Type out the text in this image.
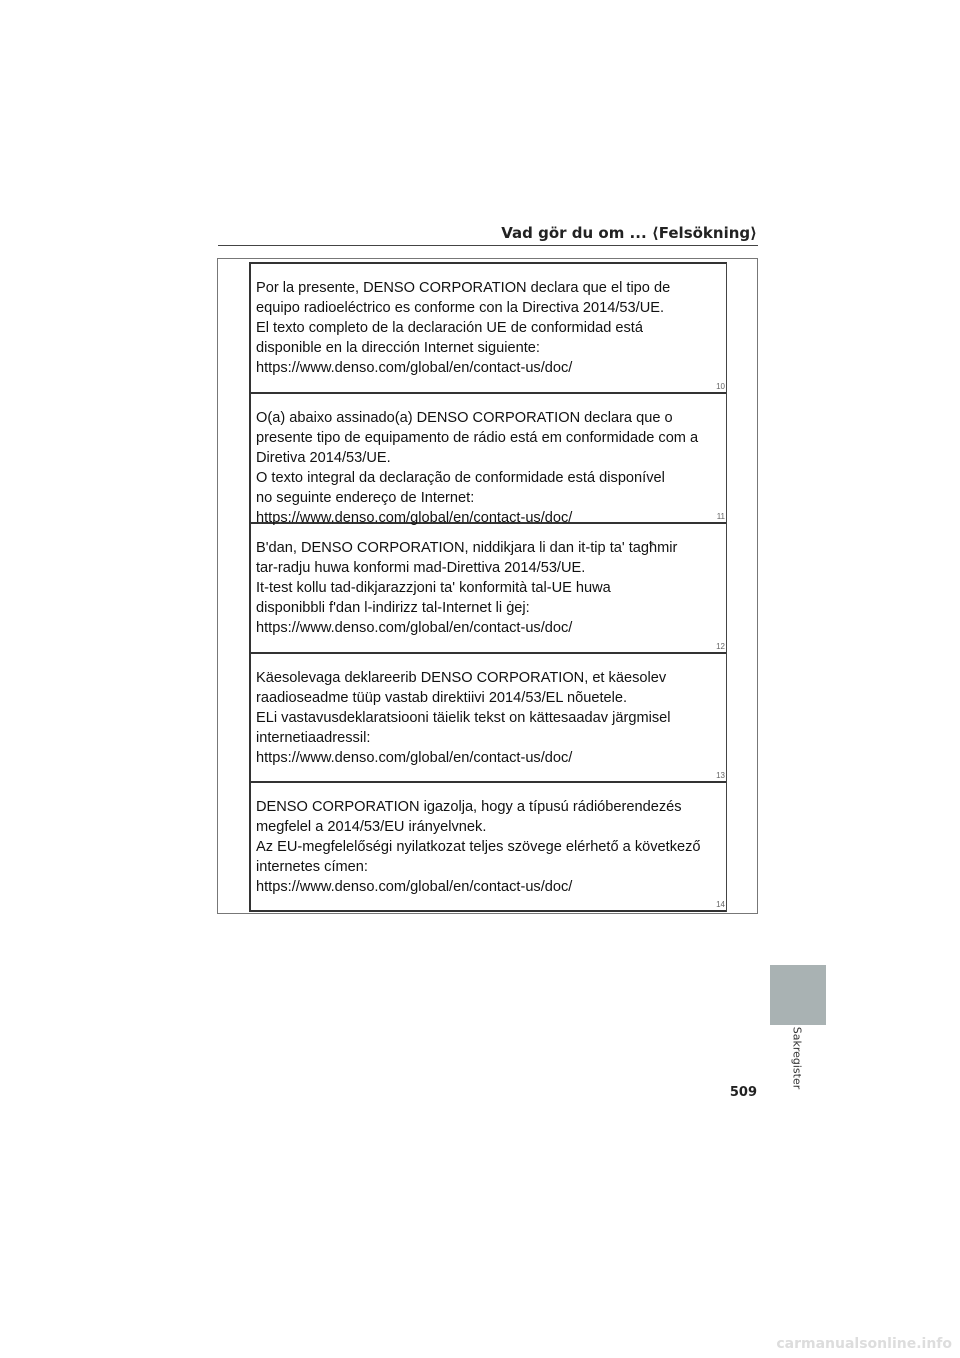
Vad gör du om ... ⟨Felsökning⟩
Por la presente, DENSO CORPORATION declara que el tipo de
equipo radioeléctrico es conforme con la Directiva 2014/53/UE.
El texto completo de la declaración UE de conformidad está
disponible en la dirección Internet siguiente:
https://www.denso.com/global/en/contact-us/doc/
10
O(a) abaixo assinado(a) DENSO CORPORATION declara que o
presente tipo de equipamento de rádio está em conformidade com a
Diretiva 2014/53/UE.
O texto integral da declaração de conformidade está disponível
no seguinte endereço de Internet:
https://www.denso.com/global/en/contact-us/doc/	11
B'dan, DENSO CORPORATION, niddikjara li dan it-tip ta' tagħmir
tar-radju huwa konformi mad-Direttiva 2014/53/UE.
It-test kollu tad-dikjarazzjoni ta' konformità tal-UE huwa
disponibbli f'dan l-indirizz tal-Internet li ġej:
https://www.denso.com/global/en/contact-us/doc/
12
Käesolevaga deklareerib DENSO CORPORATION, et käesolev
raadioseadme tüüp vastab direktiivi 2014/53/EL nõuetele.
ELi vastavusdeklaratsiooni täielik tekst on kättesaadav järgmisel
internetiaadressil:
https://www.denso.com/global/en/contact-us/doc/
13
DENSO CORPORATION igazolja, hogy a típusú rádióberendezés
megfelel a 2014/53/EU irányelvnek.
Az EU-megfelelőségi nyilatkozat teljes szövege elérhető a következő
internetes címen:
https://www.denso.com/global/en/contact-us/doc/
14
Sakregister
509
carmanualsonline.info
